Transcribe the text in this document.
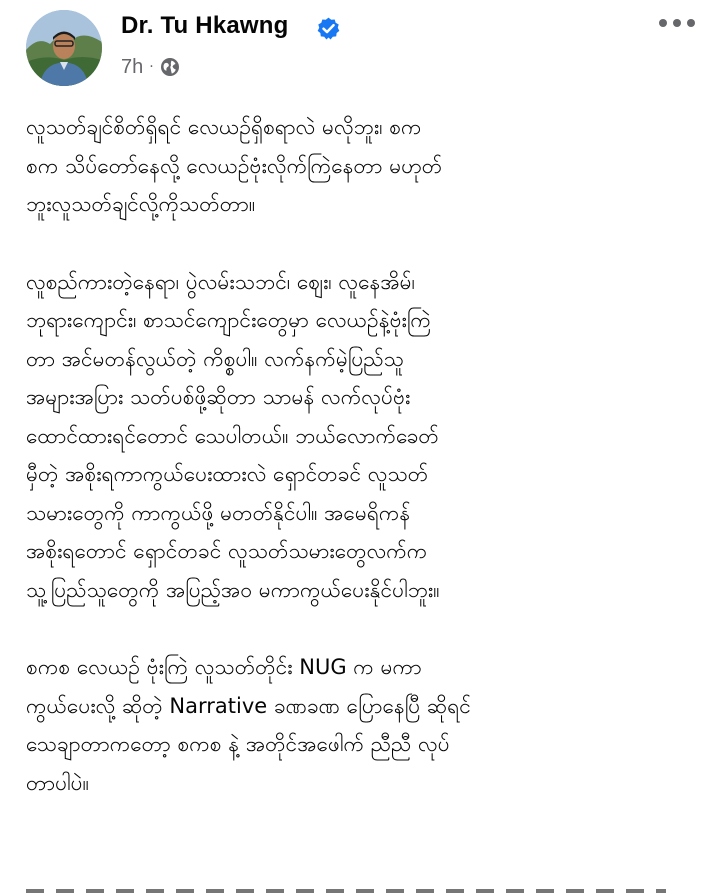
Dr. Tu Hkawng
7h ·

လူသတ်ချင်စိတ်ရှိရင် လေယဉ်ရှိစရာလဲ မလိုဘူး၊ စက
စက သိပ်တော်နေလို့ လေယဉ်ဗုံးလိုက်ကြဲနေတာ မဟုတ်
ဘူးလူသတ်ချင်လို့ကိုသတ်တာ။

လူစည်ကားတဲ့နေရာ၊ ပွဲလမ်းသဘင်၊ ဈေး၊ လူနေအိမ်၊
ဘုရားကျောင်း၊ စာသင်ကျောင်းတွေမှာ လေယဉ်နဲ့ဗုံးကြဲ
တာ အင်မတန်လွယ်တဲ့ ကိစ္စပါ။ လက်နက်မဲ့ပြည်သူ
အများအပြား သတ်ပစ်ဖို့ဆိုတာ သာမန် လက်လုပ်ဗုံး
ထောင်ထားရင်တောင် သေပါတယ်။ ဘယ်လောက်ခေတ်
မှီတဲ့ အစိုးရကာကွယ်ပေးထားလဲ ရှောင်တခင် လူသတ်
သမားတွေကို ကာကွယ်ဖို့ မတတ်နိုင်ပါ။ အမေရိကန်
အစိုးရတောင် ရှောင်တခင် လူသတ်သမားတွေလက်က
သူ့ပြည်သူတွေကို အပြည့်အဝ မကာကွယ်ပေးနိုင်ပါဘူး။

စကစ လေယဉ် ဗုံးကြဲ လူသတ်တိုင်း NUG က မကာ
ကွယ်ပေးလို့ ဆိုတဲ့ Narrative ခဏခဏ ပြောနေပြီ ဆိုရင်
သေချာတာကတော့ စကစ နဲ့ အတိုင်အဖေါက် ညီညီ လုပ်
တာပါပဲ။
